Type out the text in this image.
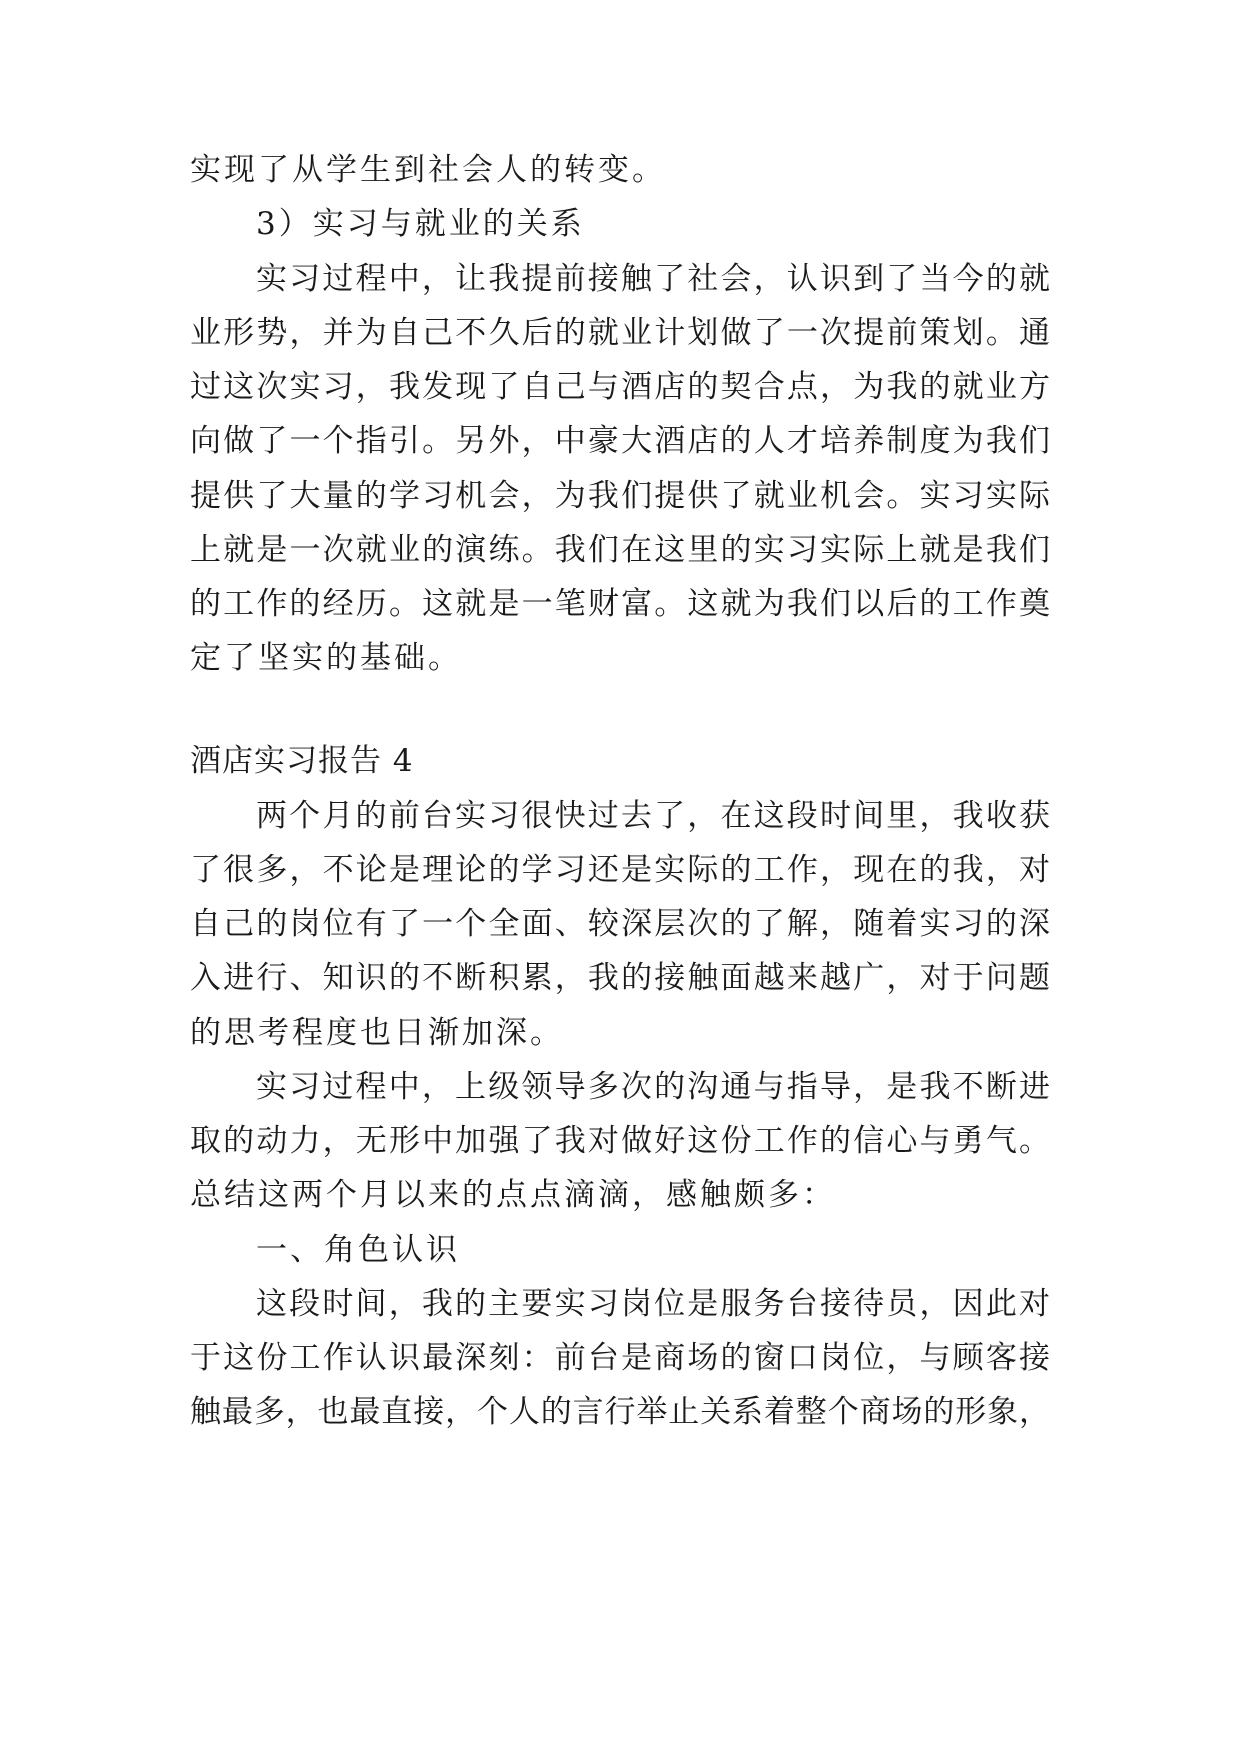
实现了从学生到社会人的转变。
3）实习与就业的关系
实习过程中，让我提前接触了社会，认识到了当今的就
业形势，并为自己不久后的就业计划做了一次提前策划。通
过这次实习，我发现了自己与酒店的契合点，为我的就业方
向做了一个指引。另外，中豪大酒店的人才培养制度为我们
提供了大量的学习机会，为我们提供了就业机会。实习实际
上就是一次就业的演练。我们在这里的实习实际上就是我们
的工作的经历。这就是一笔财富。这就为我们以后的工作奠
定了坚实的基础。
酒店实习报告 4
两个月的前台实习很快过去了，在这段时间里，我收获
了很多，不论是理论的学习还是实际的工作，现在的我，对
自己的岗位有了一个全面、较深层次的了解，随着实习的深
入进行、知识的不断积累，我的接触面越来越广，对于问题
的思考程度也日渐加深。
实习过程中，上级领导多次的沟通与指导，是我不断进
取的动力，无形中加强了我对做好这份工作的信心与勇气。
总结这两个月以来的点点滴滴，感触颇多：
一、角色认识
这段时间，我的主要实习岗位是服务台接待员，因此对
于这份工作认识最深刻：前台是商场的窗口岗位，与顾客接
触最多，也最直接，个人的言行举止关系着整个商场的形象，
